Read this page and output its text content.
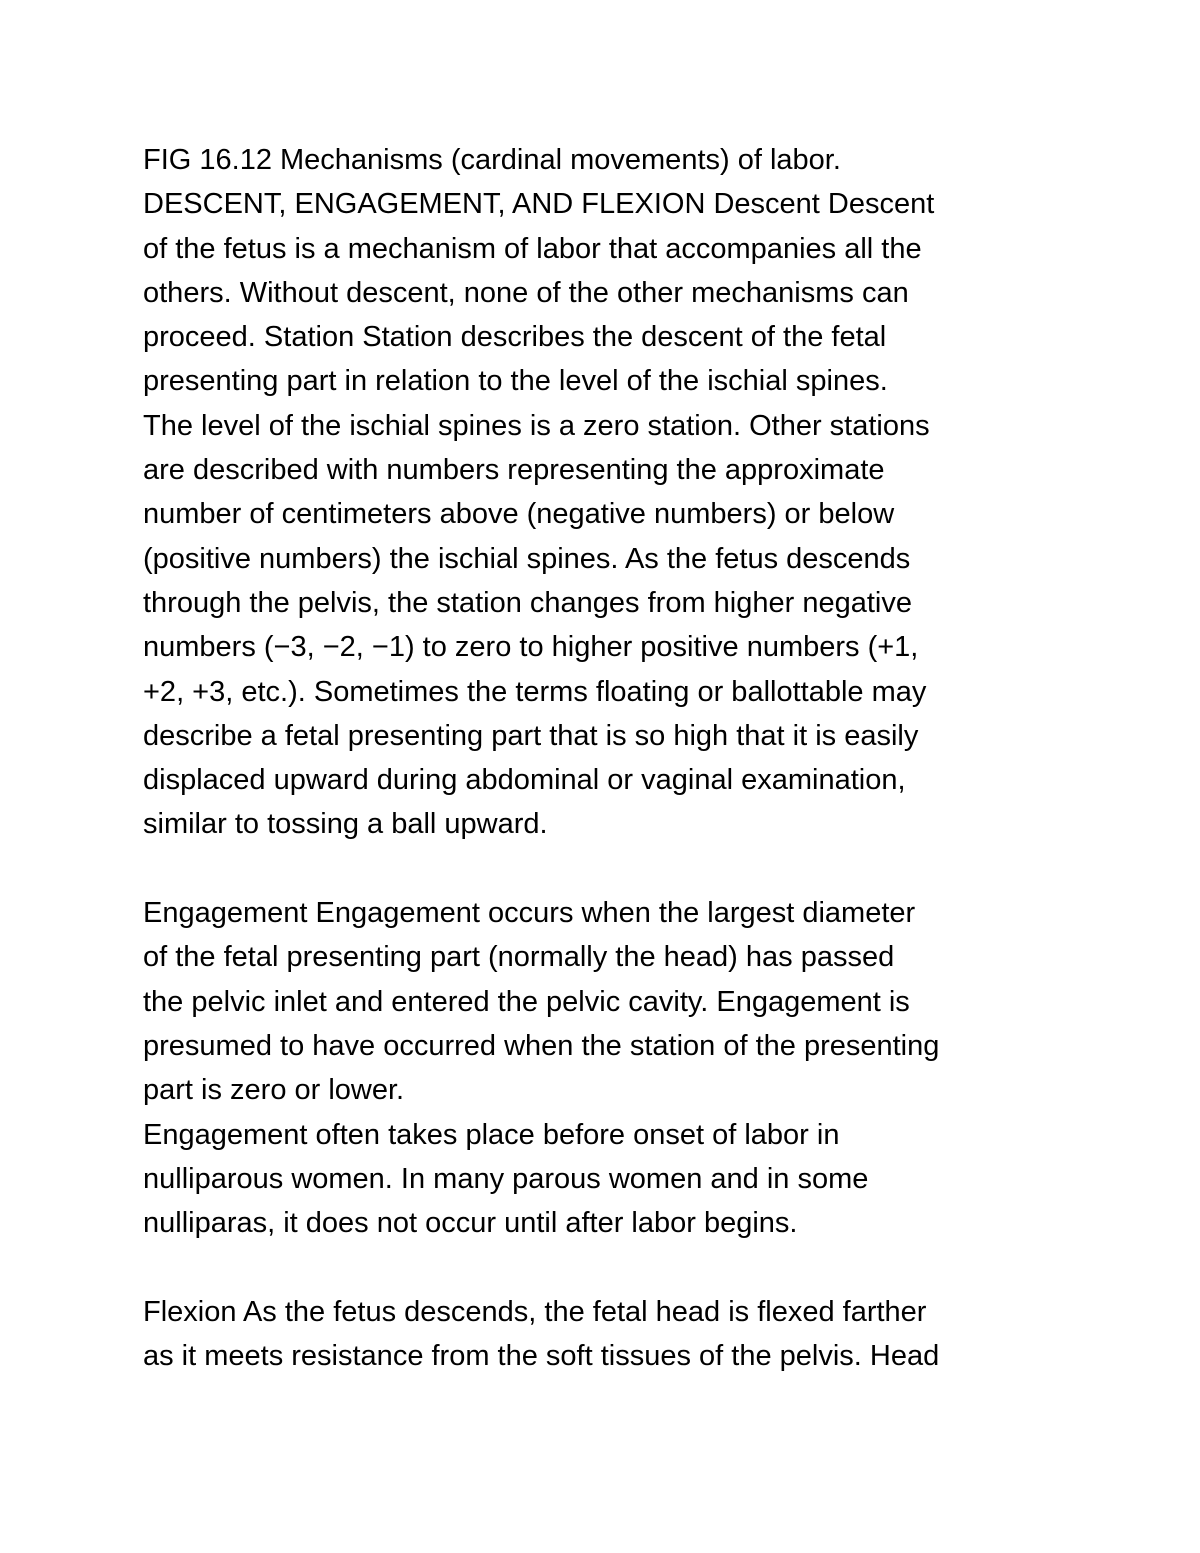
FIG 16.12 Mechanisms (cardinal movements) of labor.
DESCENT, ENGAGEMENT, AND FLEXION Descent Descent
of the fetus is a mechanism of labor that accompanies all the
others. Without descent, none of the other mechanisms can
proceed. Station Station describes the descent of the fetal
presenting part in relation to the level of the ischial spines.
The level of the ischial spines is a zero station. Other stations
are described with numbers representing the approximate
number of centimeters above (negative numbers) or below
(positive numbers) the ischial spines. As the fetus descends
through the pelvis, the station changes from higher negative
numbers (−3, −2, −1) to zero to higher positive numbers (+1,
+2, +3, etc.). Sometimes the terms floating or ballottable may
describe a fetal presenting part that is so high that it is easily
displaced upward during abdominal or vaginal examination,
similar to tossing a ball upward.
Engagement Engagement occurs when the largest diameter
of the fetal presenting part (normally the head) has passed
the pelvic inlet and entered the pelvic cavity. Engagement is
presumed to have occurred when the station of the presenting
part is zero or lower.
Engagement often takes place before onset of labor in
nulliparous women. In many parous women and in some
nulliparas, it does not occur until after labor begins.
Flexion As the fetus descends, the fetal head is flexed farther
as it meets resistance from the soft tissues of the pelvis. Head
